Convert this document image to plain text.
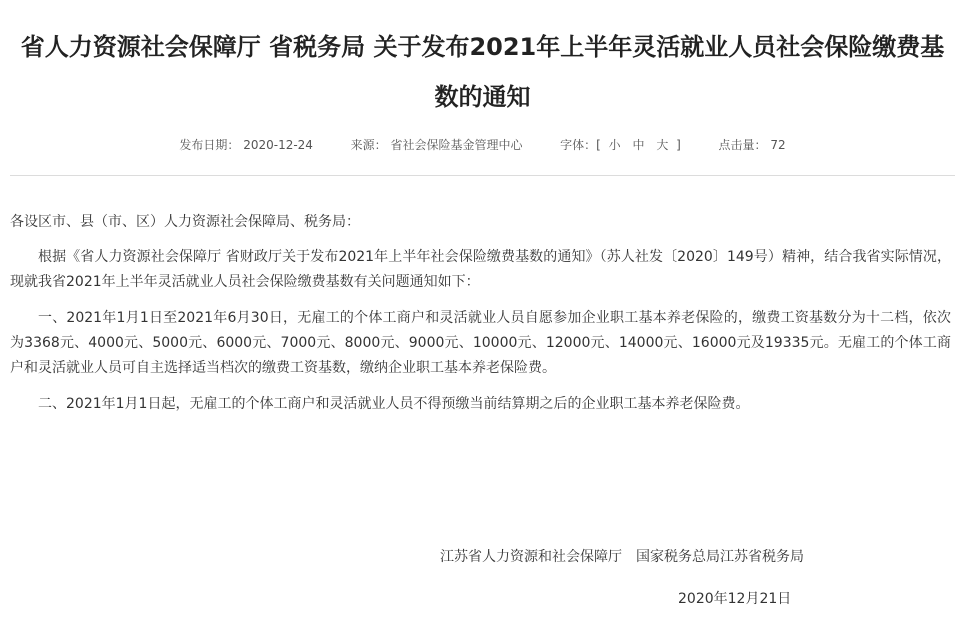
省人力资源社会保障厅 省税务局 关于发布2021年上半年灵活就业人员社会保险缴费基数的通知
发布日期： 2020-12-24	来源： 省社会保险基金管理中心	字体：[ 小 中 大 ]	点击量： 72

各设区市、县（市、区）人力资源社会保障局、税务局：

根据《省人力资源社会保障厅 省财政厅关于发布2021年上半年社会保险缴费基数的通知》（苏人社发〔2020〕149号）精神，结合我省实际情况，现就我省2021年上半年灵活就业人员社会保险缴费基数有关问题通知如下：

一、2021年1月1日至2021年6月30日，无雇工的个体工商户和灵活就业人员自愿参加企业职工基本养老保险的，缴费工资基数分为十二档，依次为3368元、4000元、5000元、6000元、7000元、8000元、9000元、10000元、12000元、14000元、16000元及19335元。无雇工的个体工商户和灵活就业人员可自主选择适当档次的缴费工资基数，缴纳企业职工基本养老保险费。

二、2021年1月1日起，无雇工的个体工商户和灵活就业人员不得预缴当前结算期之后的企业职工基本养老保险费。

江苏省人力资源和社会保障厅 国家税务总局江苏省税务局
2020年12月21日
